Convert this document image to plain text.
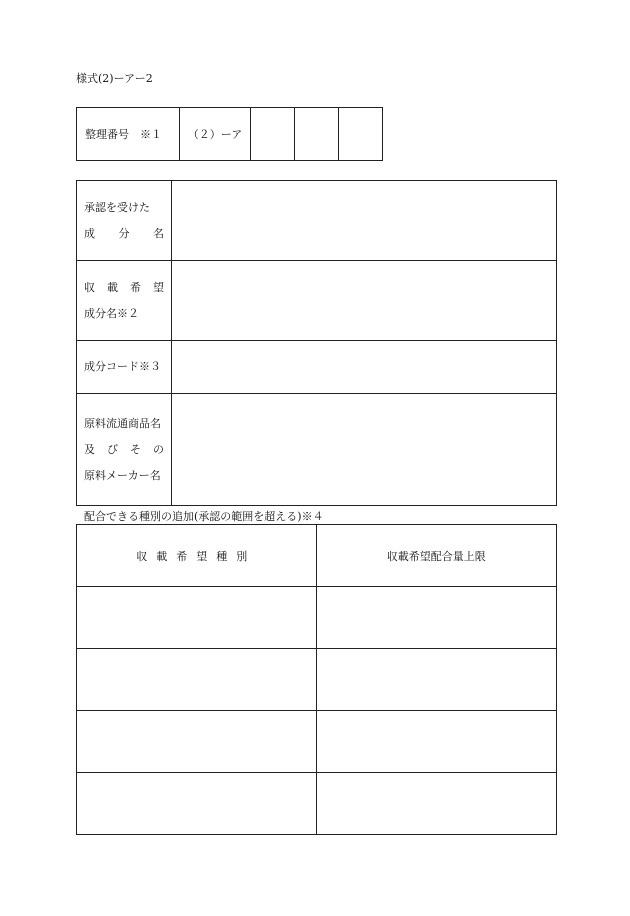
様式(2)ーアー2
整理番号　※１	（２）ーア			
承認を受けた
成　分　名	

収　載　希　望
成分名※２	

成分コード※３	

原料流通商品名
及　び　そ　の
原料メーカー名	

配合できる種別の追加(承認の範囲を超える)※４
収載希望種別	収載希望配合量上限
